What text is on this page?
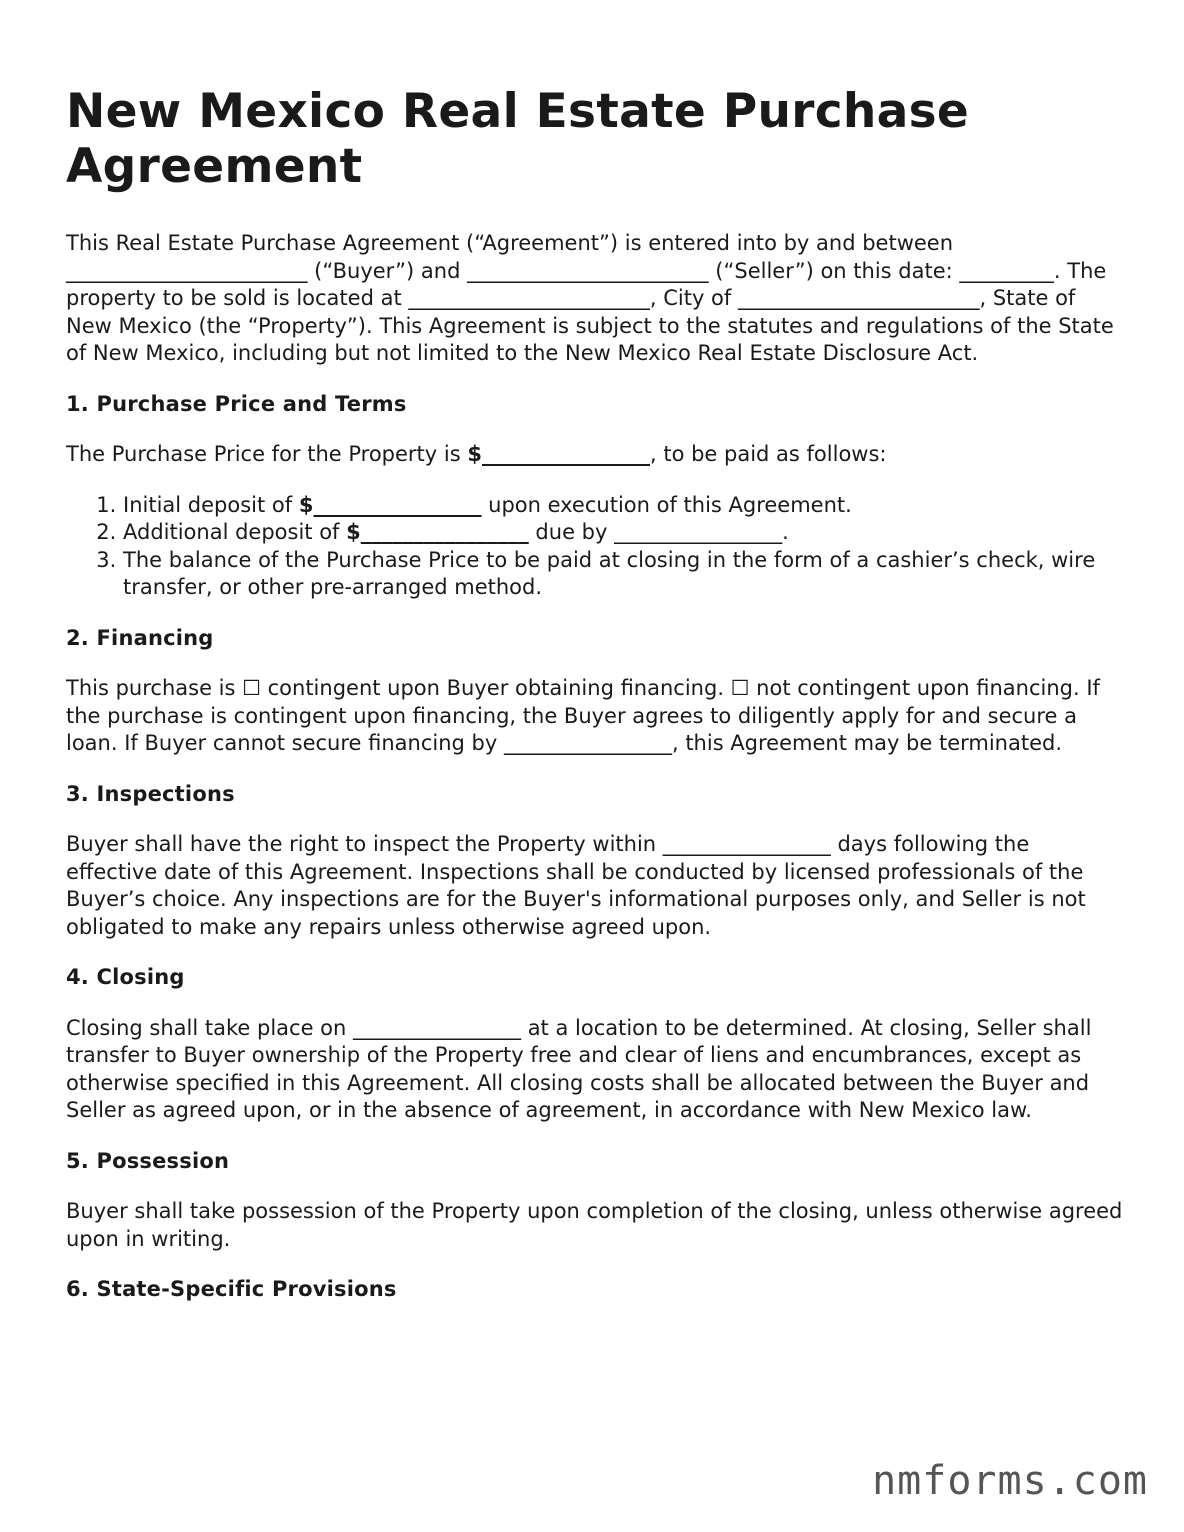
New Mexico Real Estate Purchase Agreement

This Real Estate Purchase Agreement (“Agreement”) is entered into by and between _______________________ (“Buyer”) and _______________________ (“Seller”) on this date: _________. The property to be sold is located at _______________________, City of _______________________, State of New Mexico (the “Property”). This Agreement is subject to the statutes and regulations of the State of New Mexico, including but not limited to the New Mexico Real Estate Disclosure Act.

1. Purchase Price and Terms

The Purchase Price for the Property is $________________, to be paid as follows:

1. Initial deposit of $________________ upon execution of this Agreement.
2. Additional deposit of $________________ due by ________________.
3. The balance of the Purchase Price to be paid at closing in the form of a cashier’s check, wire transfer, or other pre-arranged method.
2. Financing

This purchase is ☐ contingent upon Buyer obtaining financing. ☐ not contingent upon financing. If the purchase is contingent upon financing, the Buyer agrees to diligently apply for and secure a loan. If Buyer cannot secure financing by ________________, this Agreement may be terminated.

3. Inspections

Buyer shall have the right to inspect the Property within ________________ days following the effective date of this Agreement. Inspections shall be conducted by licensed professionals of the Buyer’s choice. Any inspections are for the Buyer's informational purposes only, and Seller is not obligated to make any repairs unless otherwise agreed upon.

4. Closing

Closing shall take place on ________________ at a location to be determined. At closing, Seller shall transfer to Buyer ownership of the Property free and clear of liens and encumbrances, except as otherwise specified in this Agreement. All closing costs shall be allocated between the Buyer and Seller as agreed upon, or in the absence of agreement, in accordance with New Mexico law.

5. Possession

Buyer shall take possession of the Property upon completion of the closing, unless otherwise agreed upon in writing.

6. State-Specific Provisions
nmforms.com
